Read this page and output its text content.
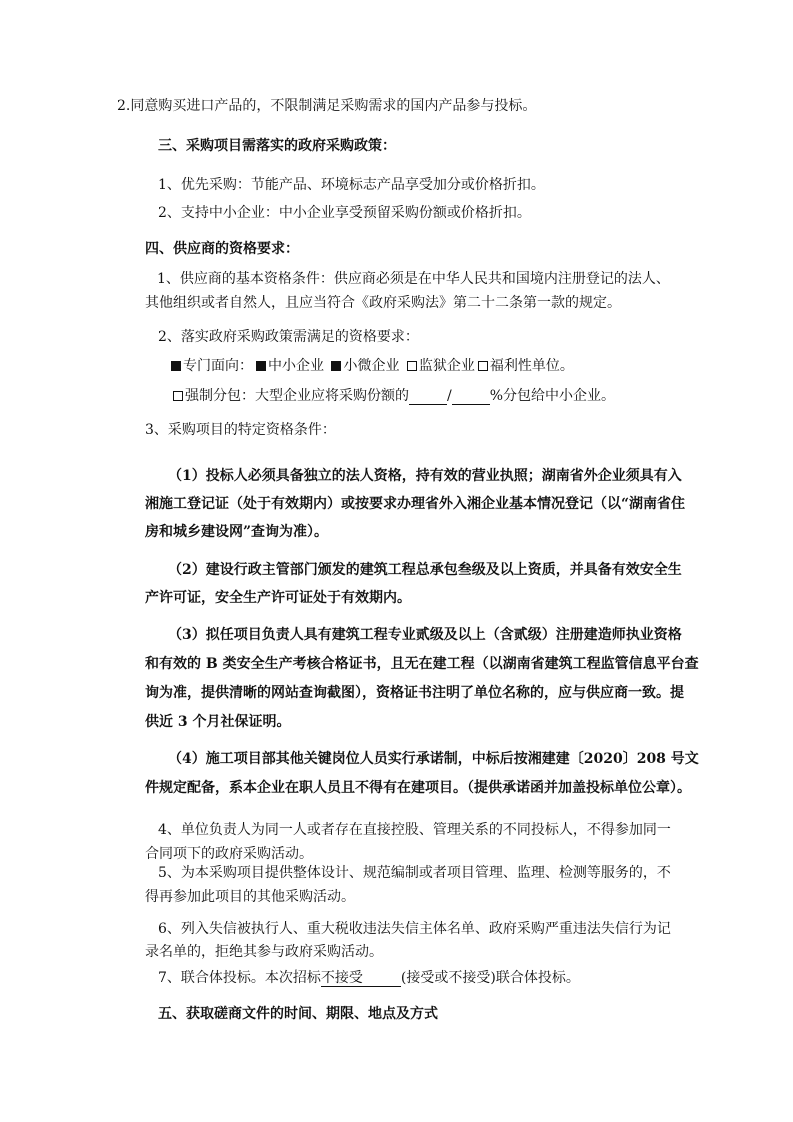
2.同意购买进口产品的，不限制满足采购需求的国内产品参与投标。
三、采购项目需落实的政府采购政策：
1、优先采购：节能产品、环境标志产品享受加分或价格折扣。
2、支持中小企业：中小企业享受预留采购份额或价格折扣。
四、供应商的资格要求：
1、供应商的基本资格条件：供应商必须是在中华人民共和国境内注册登记的法人、
其他组织或者自然人，且应当符合《政府采购法》第二十二条第一款的规定。
2、落实政府采购政策需满足的资格要求：
专门面向： 中小企业 小微企业 监狱企业 福利性单位。
强制分包：大型企业应将采购份额的	/	%分包给中小企业。
3、采购项目的特定资格条件：
（1）投标人必须具备独立的法人资格，持有效的营业执照；湖南省外企业须具有入
湘施工登记证（处于有效期内）或按要求办理省外入湘企业基本情况登记（以“湖南省住
房和城乡建设网”查询为准）。
（2）建设行政主管部门颁发的建筑工程总承包叁级及以上资质，并具备有效安全生
产许可证，安全生产许可证处于有效期内。
（3）拟任项目负责人具有建筑工程专业贰级及以上（含贰级）注册建造师执业资格
和有效的 B 类安全生产考核合格证书，且无在建工程（以湖南省建筑工程监管信息平台查
询为准，提供清晰的网站查询截图），资格证书注明了单位名称的，应与供应商一致。提
供近 3 个月社保证明。
（4）施工项目部其他关键岗位人员实行承诺制，中标后按湘建建〔2020〕208 号文
件规定配备，系本企业在职人员且不得有在建项目。（提供承诺函并加盖投标单位公章）。
4、单位负责人为同一人或者存在直接控股、管理关系的不同投标人，不得参加同一
合同项下的政府采购活动。
5、为本采购项目提供整体设计、规范编制或者项目管理、监理、检测等服务的，不
得再参加此项目的其他采购活动。
6、列入失信被执行人、重大税收违法失信主体名单、政府采购严重违法失信行为记
录名单的，拒绝其参与政府采购活动。
7、联合体投标。本次招标不接受	(接受或不接受)联合体投标。
五、获取磋商文件的时间、期限、地点及方式
